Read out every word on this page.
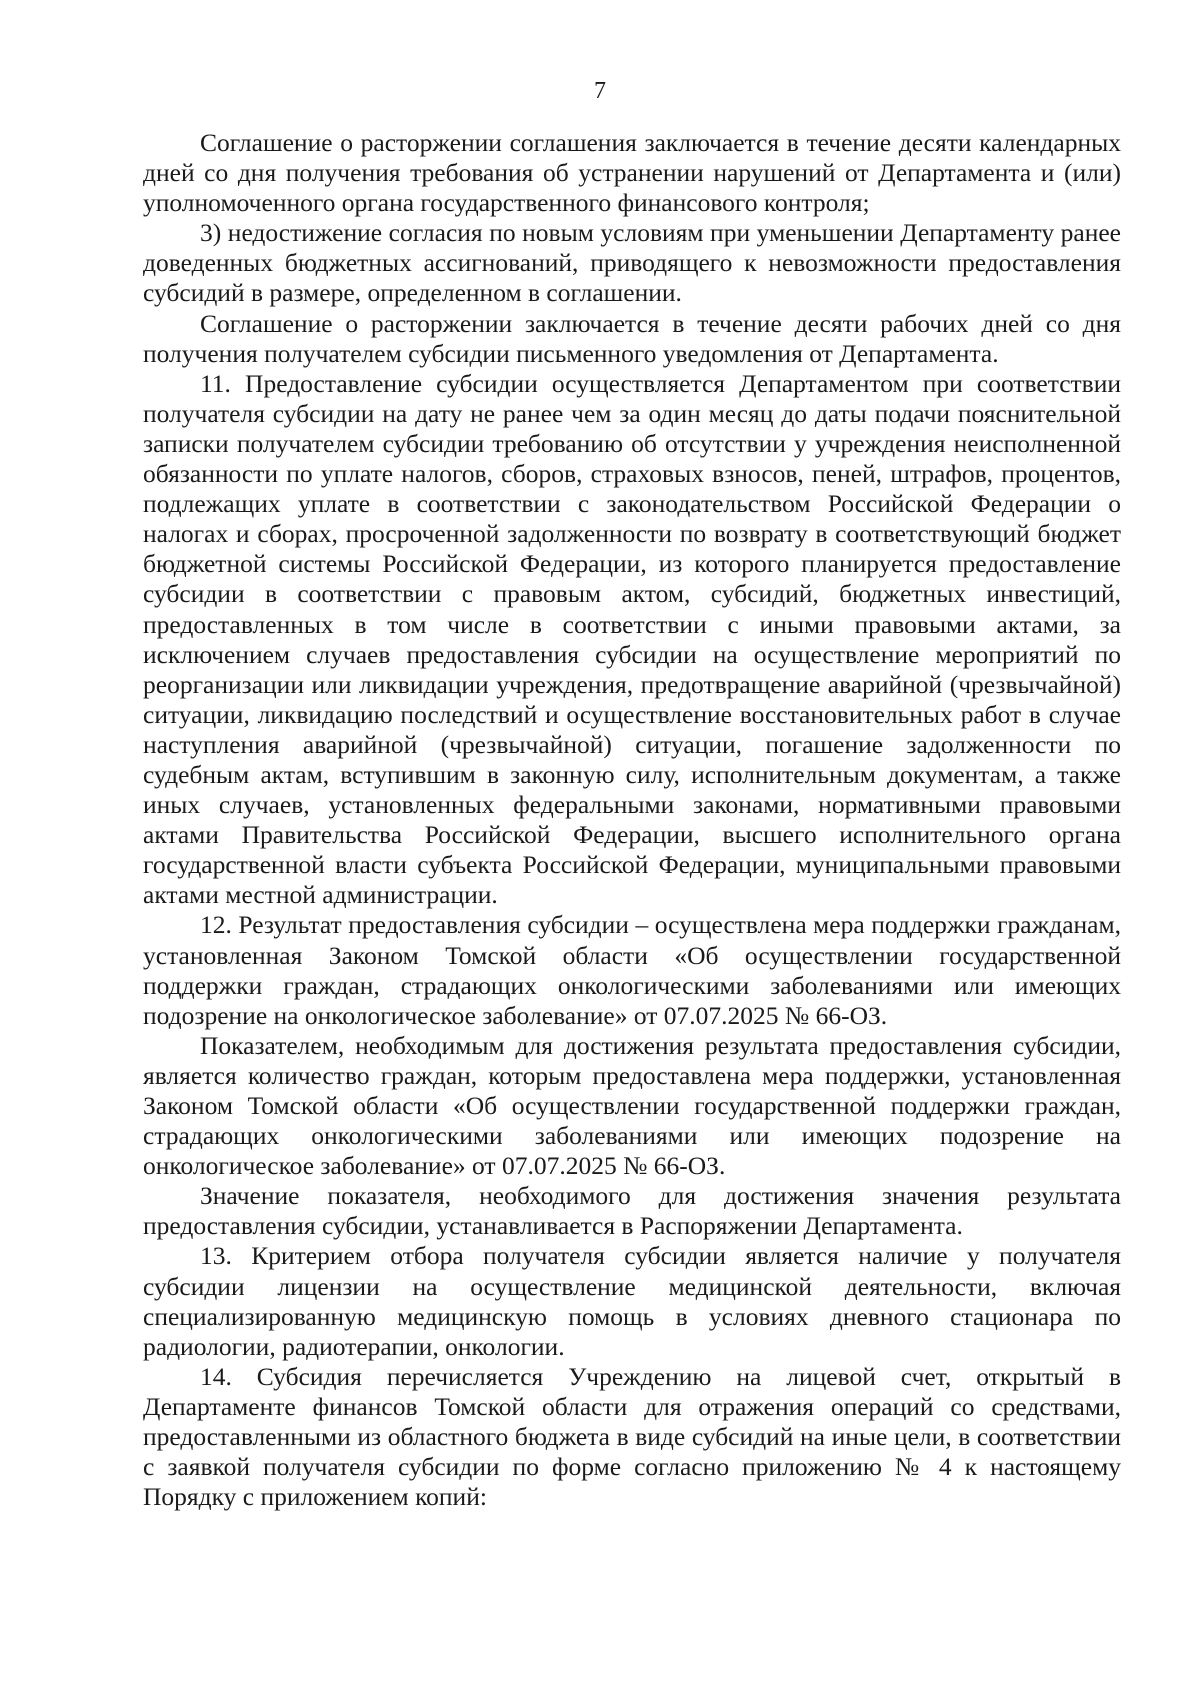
7

Соглашение о расторжении соглашения заключается в течение десяти календарных дней со дня получения требования об устранении нарушений от Департамента и (или) уполномоченного органа государственного финансового контроля;

3) недостижение согласия по новым условиям при уменьшении Департаменту ранее доведенных бюджетных ассигнований, приводящего к невозможности предоставления субсидий в размере, определенном в соглашении.

Соглашение о расторжении заключается в течение десяти рабочих дней со дня получения получателем субсидии письменного уведомления от Департамента.

11. Предоставление субсидии осуществляется Департаментом при соответствии получателя субсидии на дату не ранее чем за один месяц до даты подачи пояснительной записки получателем субсидии требованию об отсутствии у учреждения неисполненной обязанности по уплате налогов, сборов, страховых взносов, пеней, штрафов, процентов, подлежащих уплате в соответствии с законодательством Российской Федерации о налогах и сборах, просроченной задолженности по возврату в соответствующий бюджет бюджетной системы Российской Федерации, из которого планируется предоставление субсидии в соответствии с правовым актом, субсидий, бюджетных инвестиций, предоставленных в том числе в соответствии с иными правовыми актами, за исключением случаев предоставления субсидии на осуществление мероприятий по реорганизации или ликвидации учреждения, предотвращение аварийной (чрезвычайной) ситуации, ликвидацию последствий и осуществление восстановительных работ в случае наступления аварийной (чрезвычайной) ситуации, погашение задолженности по судебным актам, вступившим в законную силу, исполнительным документам, а также иных случаев, установленных федеральными законами, нормативными правовыми актами Правительства Российской Федерации, высшего исполнительного органа государственной власти субъекта Российской Федерации, муниципальными правовыми актами местной администрации.

12. Результат предоставления субсидии – осуществлена мера поддержки гражданам, установленная Законом Томской области «Об осуществлении государственной поддержки граждан, страдающих онкологическими заболеваниями или имеющих подозрение на онкологическое заболевание» от 07.07.2025 № 66-ОЗ.

Показателем, необходимым для достижения результата предоставления субсидии, является количество граждан, которым предоставлена мера поддержки, установленная Законом Томской области «Об осуществлении государственной поддержки граждан, страдающих онкологическими заболеваниями или имеющих подозрение на онкологическое заболевание» от 07.07.2025 № 66-ОЗ.

Значение показателя, необходимого для достижения значения результата предоставления субсидии, устанавливается в Распоряжении Департамента.

13. Критерием отбора получателя субсидии является наличие у получателя субсидии лицензии на осуществление медицинской деятельности, включая специализированную медицинскую помощь в условиях дневного стационара по радиологии, радиотерапии, онкологии.

14. Субсидия перечисляется Учреждению на лицевой счет, открытый в Департаменте финансов Томской области для отражения операций со средствами, предоставленными из областного бюджета в виде субсидий на иные цели, в соответствии с заявкой получателя субсидии по форме согласно приложению № 4 к настоящему Порядку с приложением копий:
